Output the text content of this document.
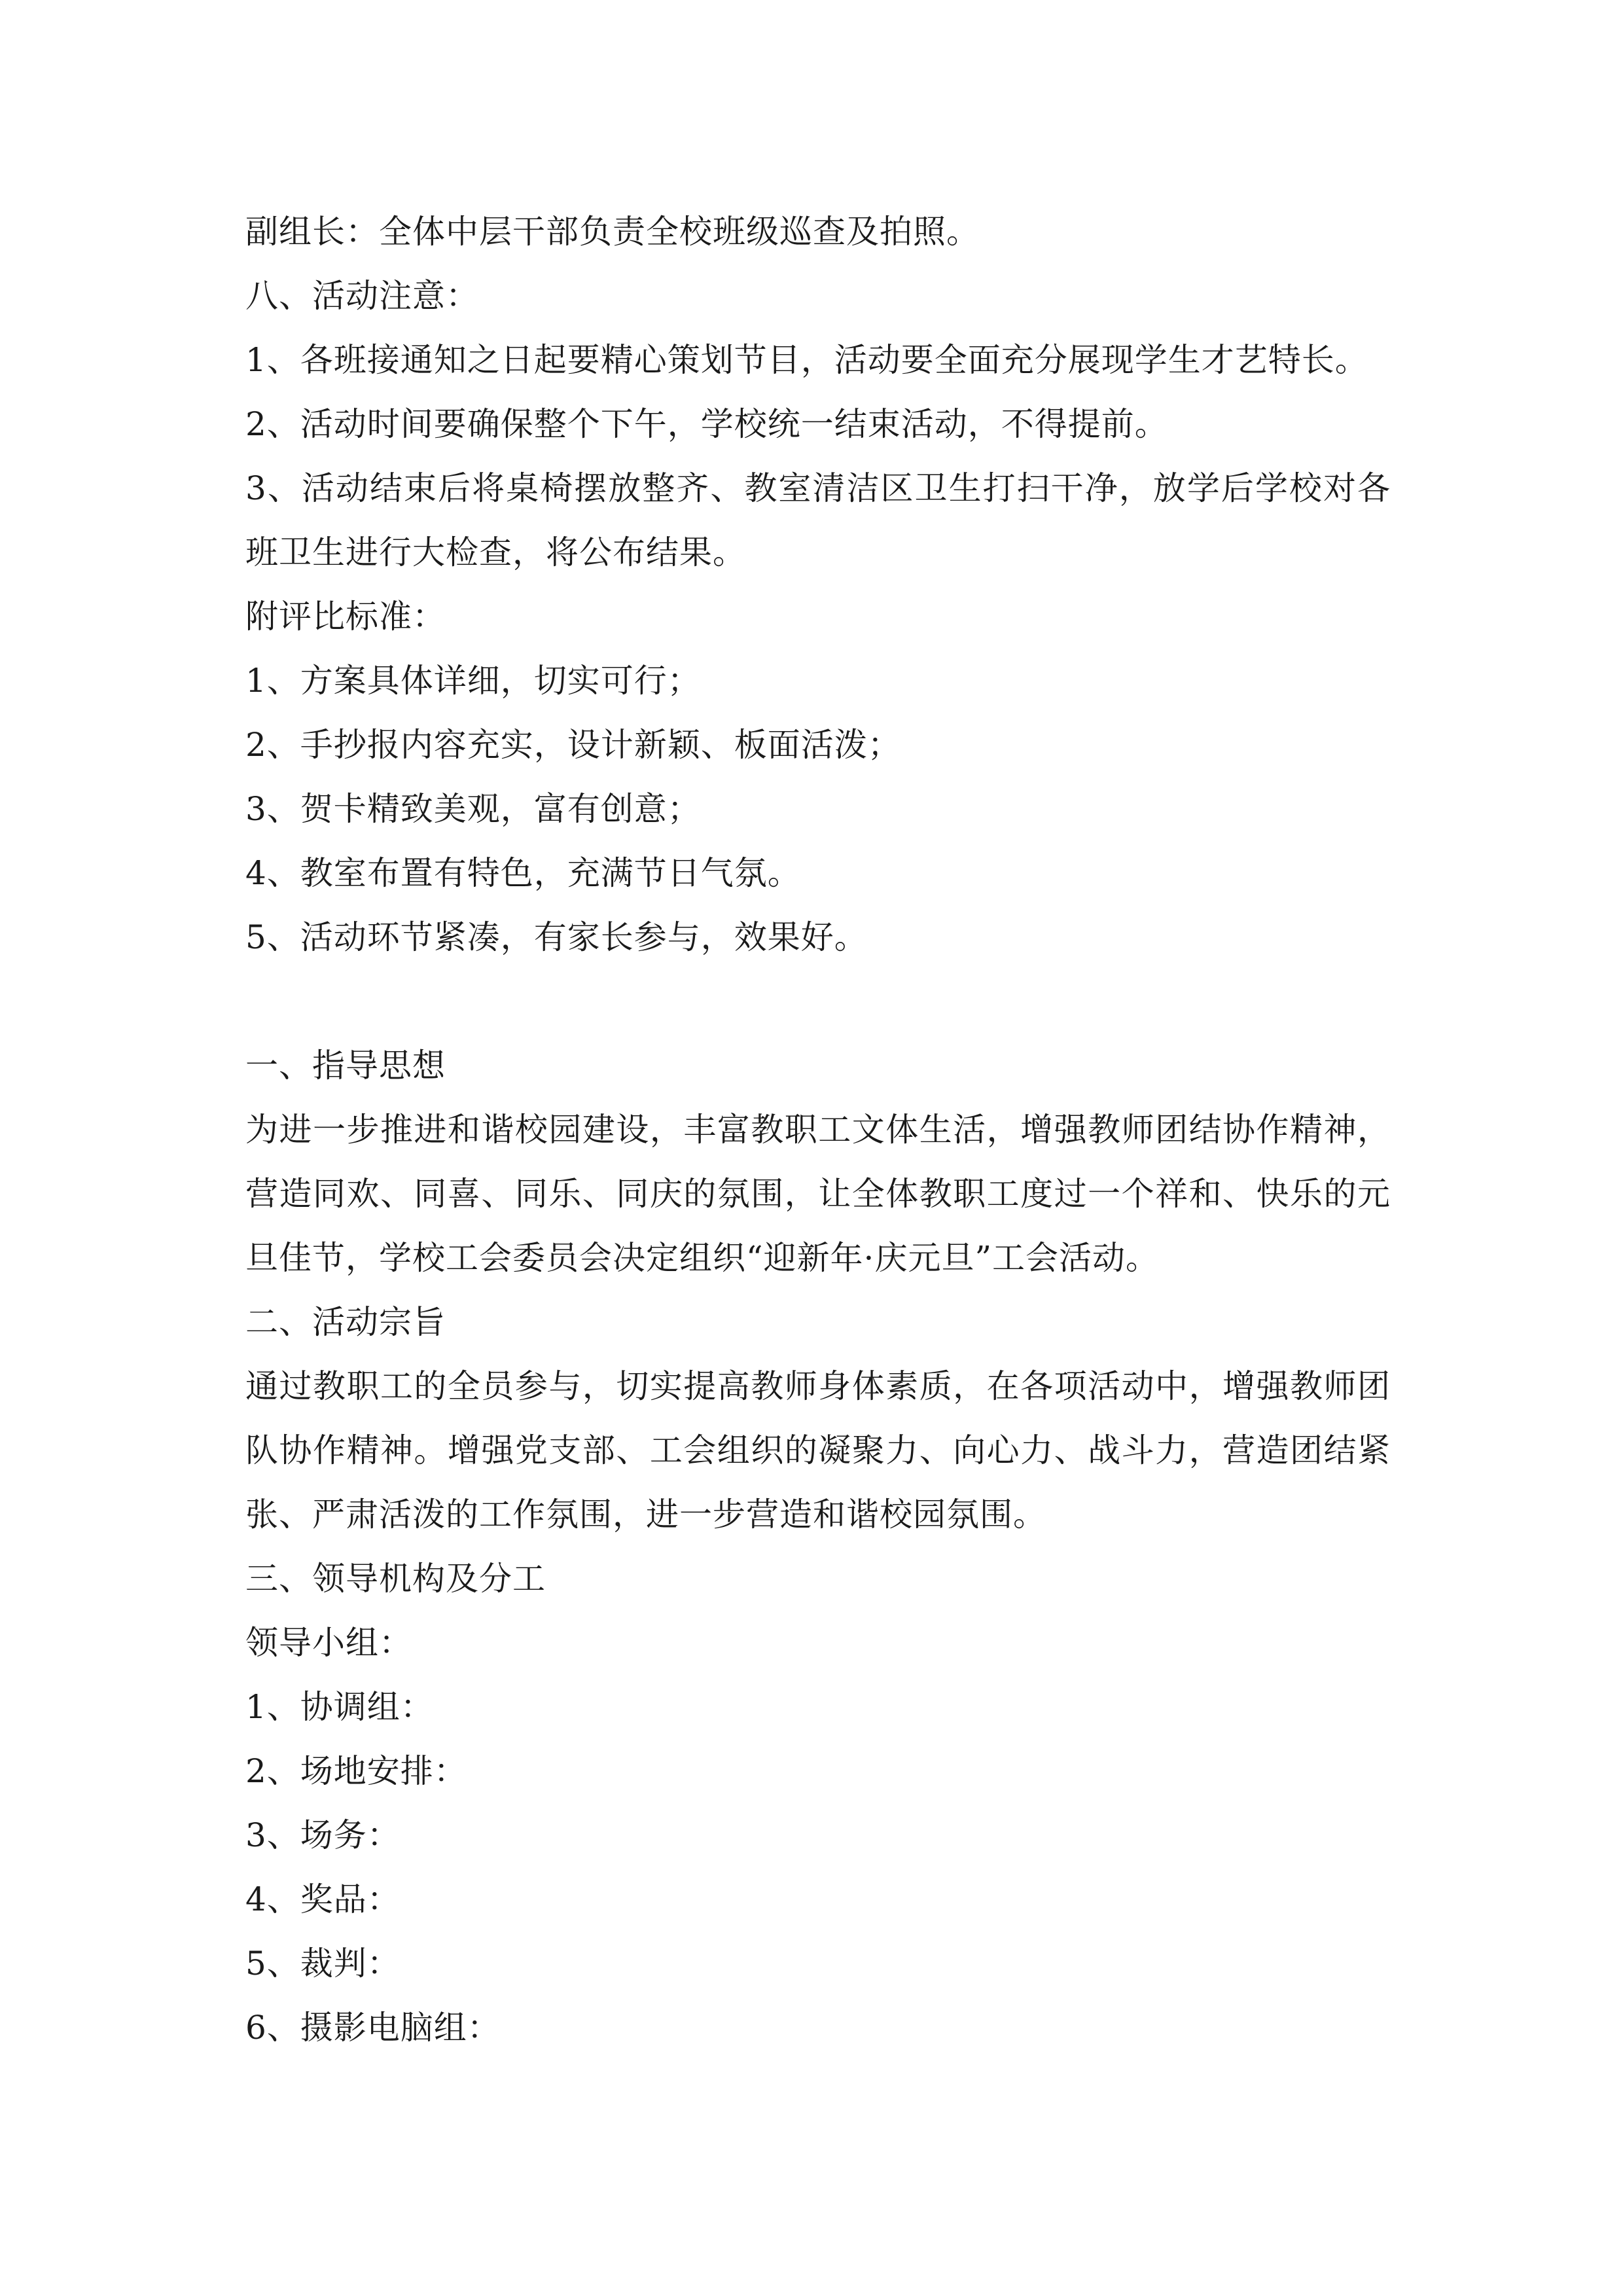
副组长：全体中层干部负责全校班级巡查及拍照。

八、活动注意：

1、各班接通知之日起要精心策划节目，活动要全面充分展现学生才艺特长。

2、活动时间要确保整个下午，学校统一结束活动，不得提前。

3、活动结束后将桌椅摆放整齐、教室清洁区卫生打扫干净，放学后学校对各班卫生进行大检查，将公布结果。

附评比标准：

1、方案具体详细，切实可行；

2、手抄报内容充实，设计新颖、板面活泼；

3、贺卡精致美观，富有创意；

4、教室布置有特色，充满节日气氛。

5、活动环节紧凑，有家长参与，效果好。

一、指导思想

为进一步推进和谐校园建设，丰富教职工文体生活，增强教师团结协作精神，营造同欢、同喜、同乐、同庆的氛围，让全体教职工度过一个祥和、快乐的元旦佳节，学校工会委员会决定组织“迎新年·庆元旦”工会活动。

二、活动宗旨

通过教职工的全员参与，切实提高教师身体素质，在各项活动中，增强教师团队协作精神。增强党支部、工会组织的凝聚力、向心力、战斗力，营造团结紧张、严肃活泼的工作氛围，进一步营造和谐校园氛围。

三、领导机构及分工

领导小组：

1、协调组：

2、场地安排：

3、场务：

4、奖品：

5、裁判：

6、摄影电脑组：
